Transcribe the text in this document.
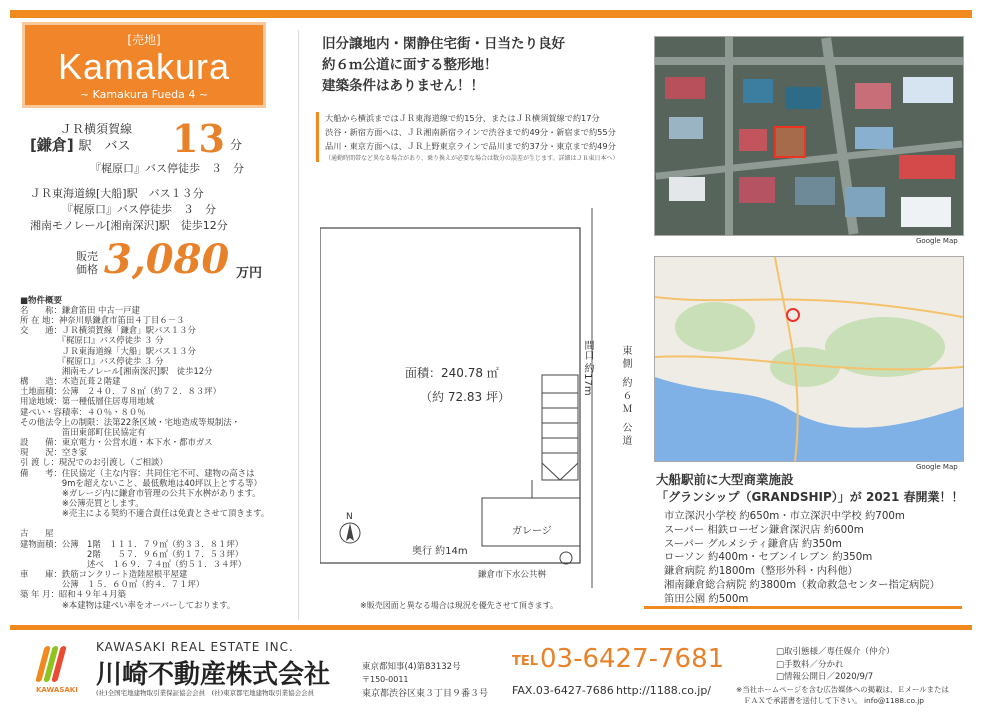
[売地]
Kamakura
~ Kamakura Fueda 4 ~
ＪＲ横須賀線
[鎌倉] 駅　バス 13 分
『梶原口』バス停徒歩　３　分
ＪＲ東海道線[大船]駅　バス１３分
『梶原口』バス停徒歩　３　分
湘南モノレール[湘南深沢]駅　徒歩12分
販売
価格 3,080 万円
■物件概要
名　　称：鎌倉笛田 中古一戸建
所 在 地：神奈川県鎌倉市笛田４丁目６－３
交　　通：ＪＲ横須賀線「鎌倉」駅バス１３分
　　　　　『梶原口』バス停徒歩 ３ 分
　　　　　ＪＲ東海道線「大船」駅バス１３分
　　　　　『梶原口』バス停徒歩 ３ 分
　　　　　湘南モノレール[湘南深沢]駅　徒歩12分
構　　造：木造瓦葺２階建
土地面積：公簿　２４０．７８㎡（約７２．８３坪）
用途地域：第一種低層住居専用地域
建ぺい・容積率：４０％・８０％
その他法令上の制限：法第22条区域・宅地造成等規制法・
　　　　　笛田東部町住民協定有
設　　備：東京電力・公営水道・本下水・都市ガス
現　　況：空き家
引 渡 し：現況でのお引渡し（ご相談）
備　　考：住民協定（主な内容：共同住宅不可、建物の高さは
　　　　　9mを超えないこと、最低敷地は40坪以上とする等）
　　　　　※ガレージ内に鎌倉市管理の公共下水桝があります。
　　　　　※公簿売買とします。
　　　　　※売主による契約不適合責任は免責とさせて頂きます。
古　　屋
建物面積：公簿　1階　１１１．７９㎡（約３３．８１坪）
　　　　　　　　2階　　５７．９６㎡（約１７．５３坪）
　　　　　　　　述べ　１６９．７４㎡（約５１．３４坪）
車　　庫：鉄筋コンクリート造陸屋根平屋建
　　　　　公簿　１５．６０㎡（約４．７１坪）
築 年 月：昭和４９年４月築
　　　　　※本建物は建ぺい率をオーバーしております。
旧分譲地内・閑静住宅街・日当たり良好
約６ｍ公道に面する整形地！
建築条件はありません！！
大船から横浜まではＪＲ東海道線で約15分、またはＪＲ横須賀線で約17分
渋谷・新宿方面へは、ＪＲ湘南新宿ラインで渋谷まで約49分・新宿まで約55分
品川・東京方面へは、ＪＲ上野東京ラインで品川まで約37分・東京まで約49分
（通勤時間帯など異なる場合があり、乗り換えが必要な場合は数分の誤差が生じます。詳細はＪＲ東日本へ）
面積：240.78 ㎡
（約 72.83 坪）
間口 約17m	東側 約６Ｍ 公道
ガレージ
奥行 約14m
鎌倉市下水公共桝
N
※販売図面と異なる場合は現況を優先させて頂きます。
Google Map
Google Map
大船駅前に大型商業施設
「グランシップ（GRANDSHIP）」が 2021 春開業！！
市立深沢小学校 約650m・市立深沢中学校 約700m
スーパー 相鉄ローゼン鎌倉深沢店 約600m
スーパー グルメシティ鎌倉店 約350m
ローソン 約400m・セブンイレブン 約350m
鎌倉病院 約1800m（整形外科・内科他）
湘南鎌倉総合病院 約3800m（救命救急センター指定病院）
笛田公園 約500m
KAWASAKI
KAWASAKI REAL ESTATE INC.
川崎不動産株式会社
(社)全国宅地建物取引業保証協会会員　(社)東京都宅地建物取引業協会会員
東京都知事(4)第83132号
〒150-0011
東京都渋谷区東３丁目９番３号
TEL 03-6427-7681
FAX.03-6427-7686 http://1188.co.jp/
□取引態様／専任媒介（仲介）
□手数料／分かれ
□情報公開日／2020/9/7
※当社ホームページを含む広告媒体への掲載は、Ｅメールまたは
　ＦＡＸで承諾書を送付して下さい。 info@1188.co.jp
